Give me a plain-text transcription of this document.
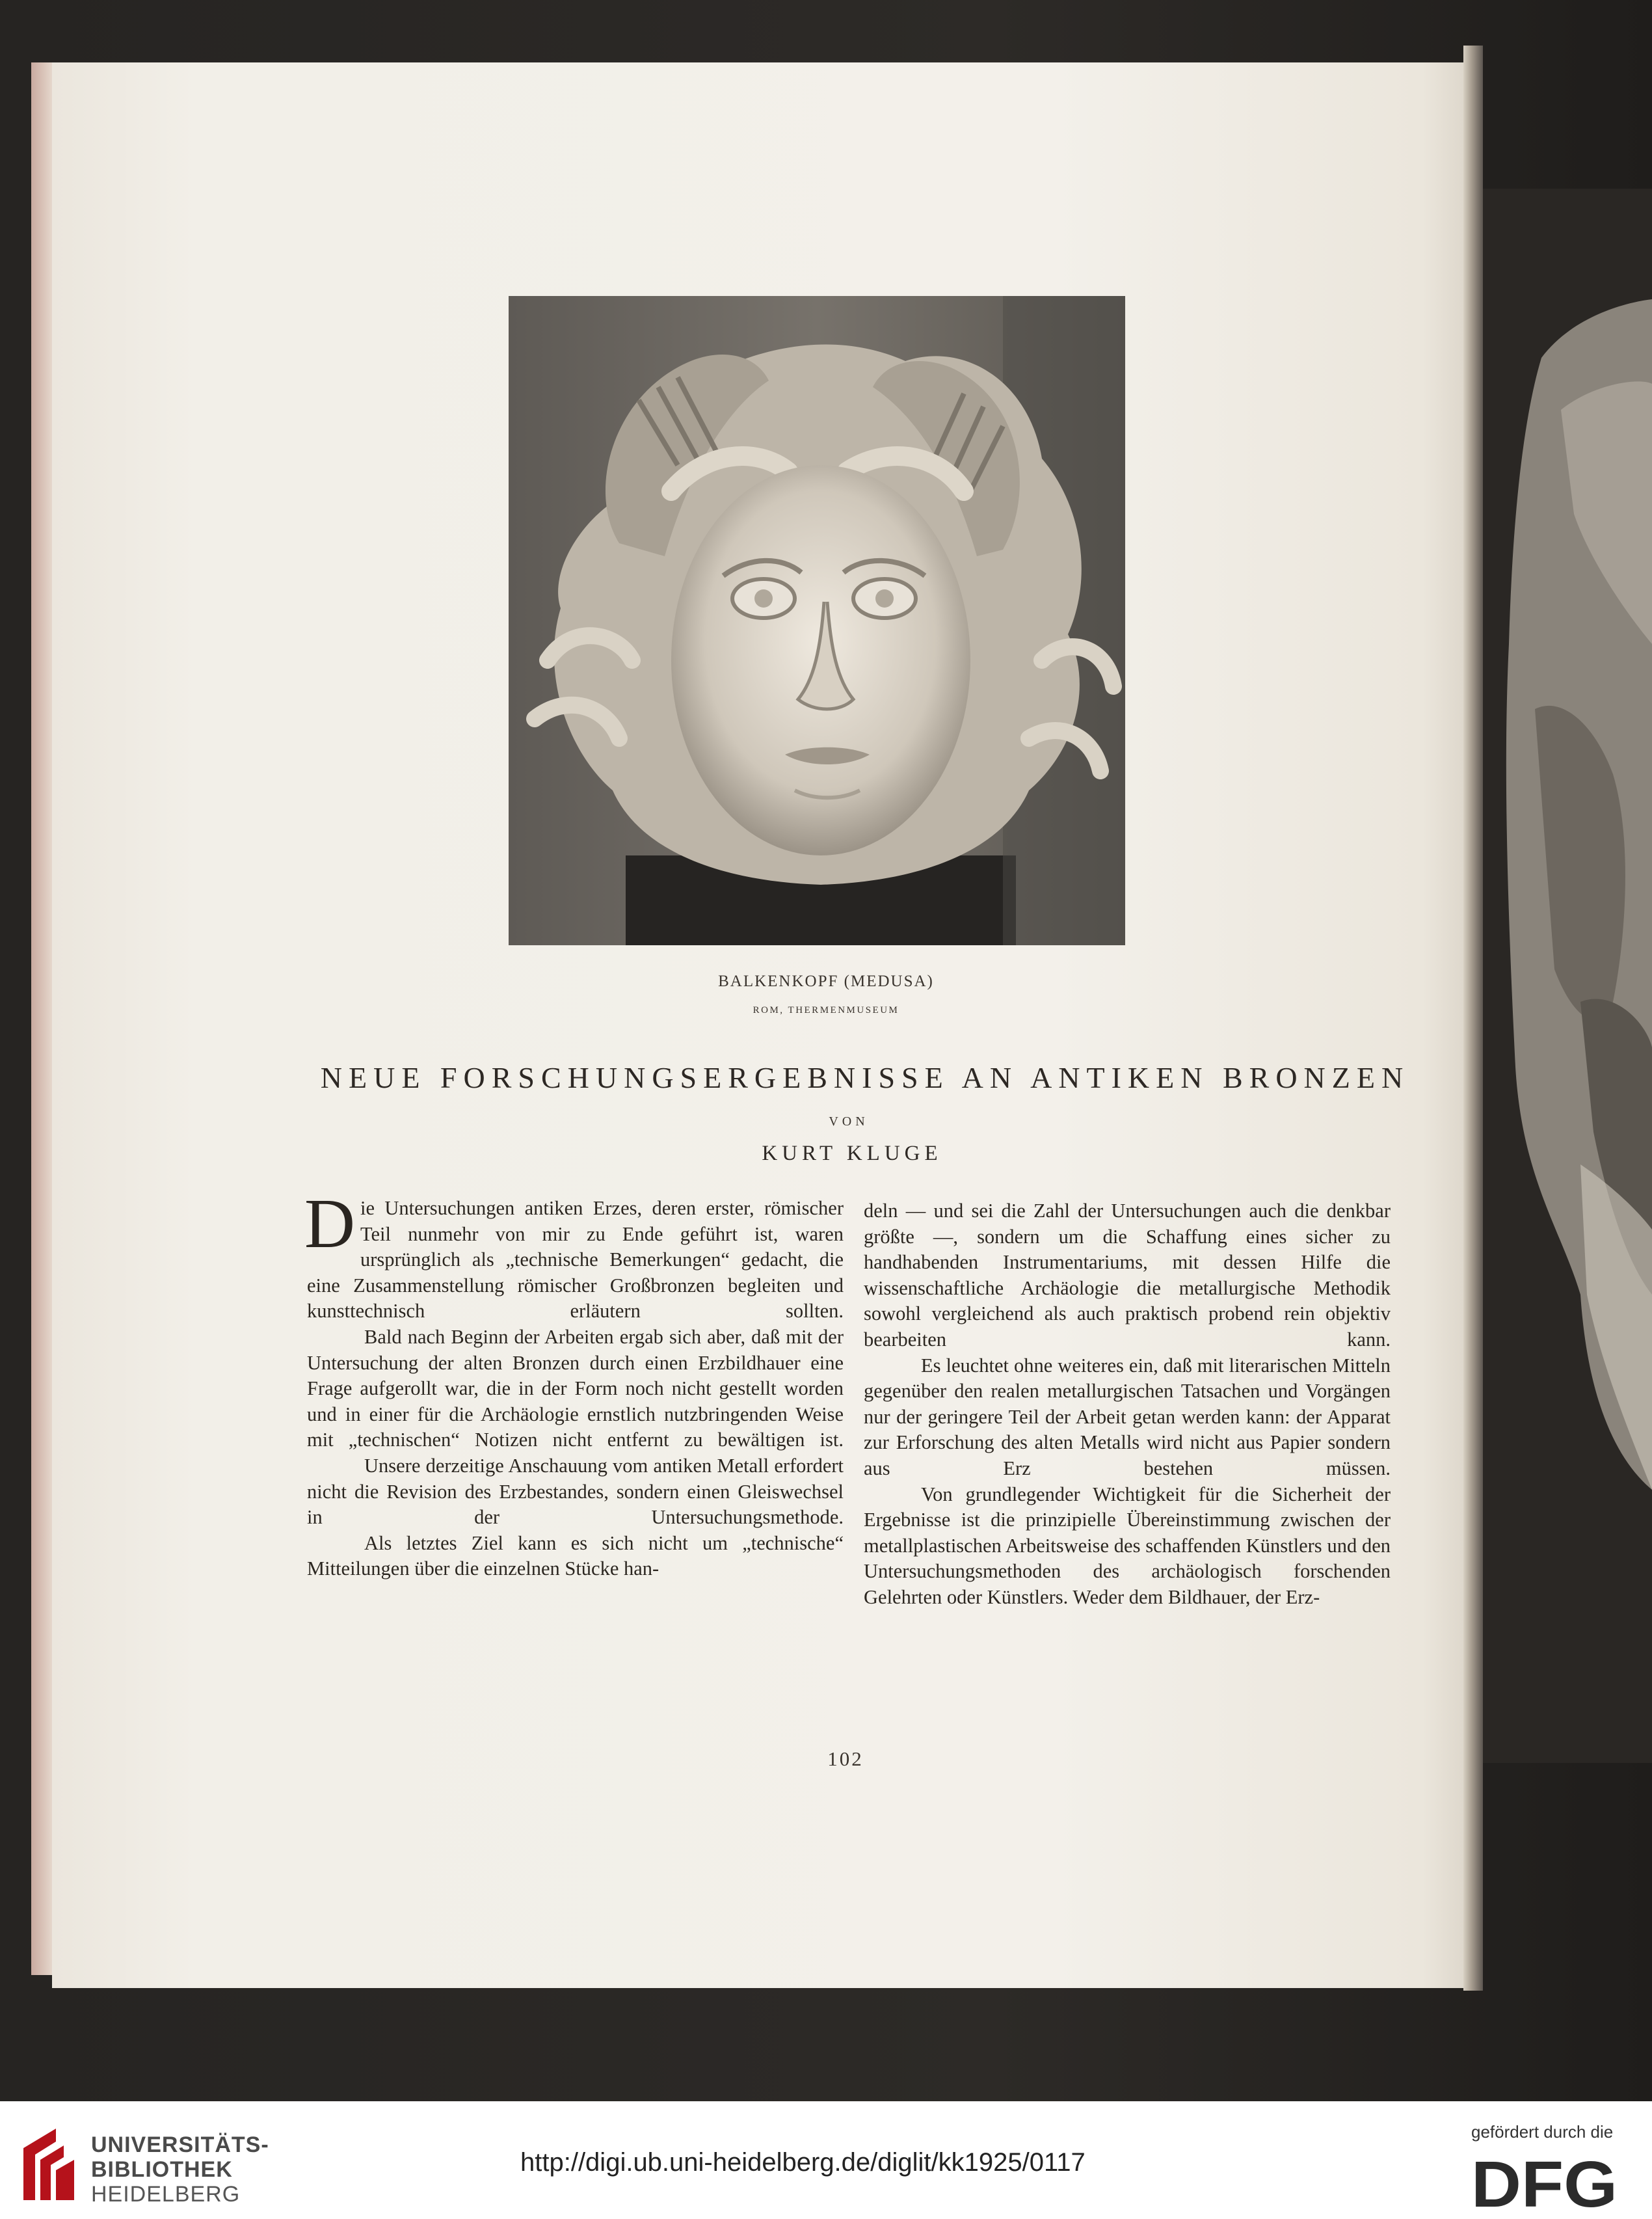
BALKENKOPF (MEDUSA)
ROM, THERMENMUSEUM
NEUE FORSCHUNGSERGEBNISSE AN ANTIKEN BRONZEN
VON
KURT KLUGE

Die Untersuchungen antiken Erzes, deren erster, römischer Teil nunmehr von mir zu Ende geführt ist, waren ursprünglich als „technische Bemerkungen“ gedacht, die eine Zusammenstellung römischer Großbronzen begleiten und kunsttechnisch erläutern sollten.

Bald nach Beginn der Arbeiten ergab sich aber, daß mit der Untersuchung der alten Bronzen durch einen Erzbildhauer eine Frage aufgerollt war, die in der Form noch nicht gestellt worden und in einer für die Archäologie ernstlich nutzbringenden Weise mit „technischen“ Notizen nicht entfernt zu bewältigen ist.

Unsere derzeitige Anschauung vom antiken Metall erfordert nicht die Revision des Erzbestandes, sondern einen Gleiswechsel in der Untersuchungsmethode.

Als letztes Ziel kann es sich nicht um „technische“ Mitteilungen über die einzelnen Stücke han-

deln — und sei die Zahl der Untersuchungen auch die denkbar größte —, sondern um die Schaffung eines sicher zu handhabenden Instrumentariums, mit dessen Hilfe die wissenschaftliche Archäologie die metallurgische Methodik sowohl vergleichend als auch praktisch probend rein objektiv bearbeiten kann.

Es leuchtet ohne weiteres ein, daß mit literarischen Mitteln gegenüber den realen metallurgischen Tatsachen und Vorgängen nur der geringere Teil der Arbeit getan werden kann: der Apparat zur Erforschung des alten Metalls wird nicht aus Papier sondern aus Erz bestehen müssen.

Von grundlegender Wichtigkeit für die Sicherheit der Ergebnisse ist die prinzipielle Übereinstimmung zwischen der metallplastischen Arbeitsweise des schaffenden Künstlers und den Untersuchungsmethoden des archäologisch forschenden Gelehrten oder Künstlers. Weder dem Bildhauer, der Erz-

102
UNIVERSITÄTS-
BIBLIOTHEK
HEIDELBERG
http://digi.ub.uni-heidelberg.de/diglit/kk1925/0117
gefördert durch die
DFG
